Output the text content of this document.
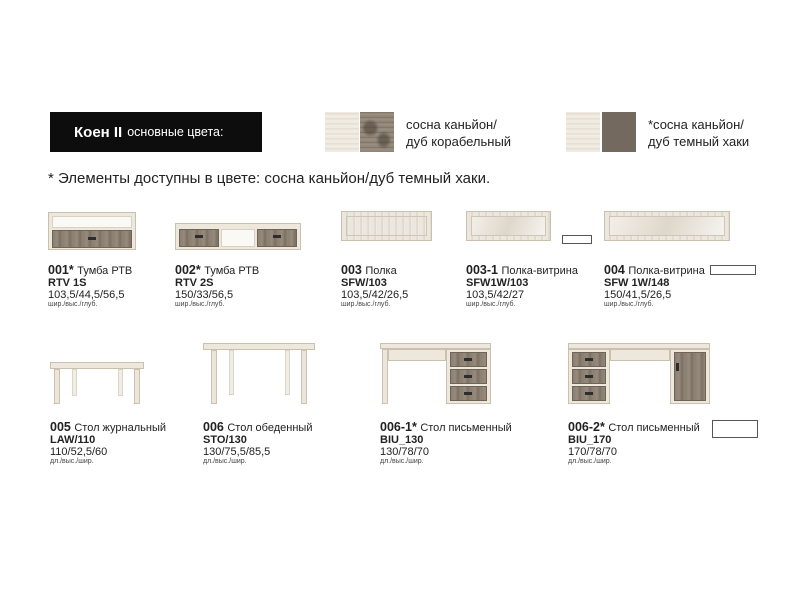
Коен II основные цвета:	сосна каньйон/
дуб корабельный
*сосна каньйон/
дуб темный хаки
* Элементы доступны в цвете: сосна каньйон/дуб темный хаки.
001* Тумба РТВ
RTV 1S
103,5/44,5/56,5
шир./выс./глуб.
002* Тумба РТВ
RTV 2S
150/33/56,5
шир./выс./глуб.
003 Полка
SFW/103
103,5/42/26,5
шир./выс./глуб.
003-1 Полка-витрина
SFW1W/103
103,5/42/27
шир./выс./глуб.
004 Полка-витрина
SFW 1W/148
150/41,5/26,5
шир./выс./глуб.
005 Стол журнальный
LAW/110
110/52,5/60
дл./выс./шир.
006 Стол обеденный
STO/130
130/75,5/85,5
дл./выс./шир.
006-1* Стол письменный
BIU_130
130/78/70
дл./выс./шир.
006-2* Стол письменный
BIU_170
170/78/70
дл./выс./шир.
